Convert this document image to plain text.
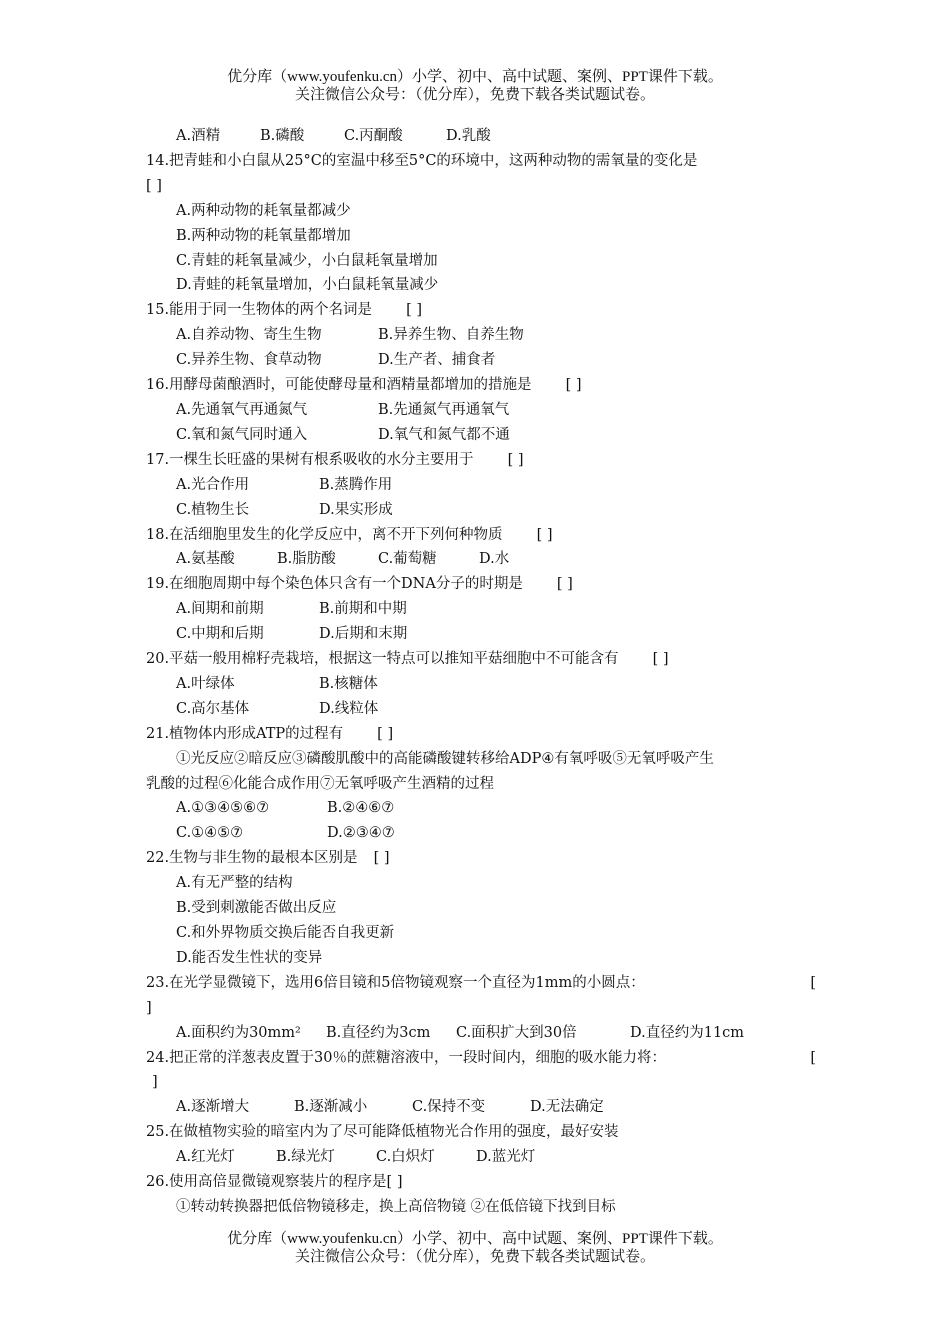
优分库（www.youfenku.cn）小学、初中、高中试题、案例、PPT课件下载。
关注微信公众号：（优分库），免费下载各类试题试卷。
A.酒精	B.磷酸	C.丙酮酸	D.乳酸
14.把青蛙和小白鼠从25°C的室温中移至5°C的环境中，这两种动物的需氧量的变化是
[ ]
A.两种动物的耗氧量都减少
B.两种动物的耗氧量都增加
C.青蛙的耗氧量减少，小白鼠耗氧量增加
D.青蛙的耗氧量增加，小白鼠耗氧量减少
15.能用于同一生物体的两个名词是 [ ]
A.自养动物、寄生生物	B.异养生物、自养生物
C.异养生物、食草动物	D.生产者、捕食者
16.用酵母菌酿酒时，可能使酵母量和酒精量都增加的措施是 [ ]
A.先通氧气再通氮气	B.先通氮气再通氧气
C.氧和氮气同时通入	D.氧气和氮气都不通
17.一棵生长旺盛的果树有根系吸收的水分主要用于 [ ]
A.光合作用	B.蒸腾作用
C.植物生长	D.果实形成
18.在活细胞里发生的化学反应中，离不开下列何种物质 [ ]
A.氨基酸	B.脂肪酸	C.葡萄糖	D.水
19.在细胞周期中每个染色体只含有一个DNA分子的时期是 [ ]
A.间期和前期	B.前期和中期
C.中期和后期	D.后期和末期
20.平菇一般用棉籽壳栽培，根据这一特点可以推知平菇细胞中不可能含有 [ ]
A.叶绿体	B.核糖体
C.高尔基体	D.线粒体
21.植物体内形成ATP的过程有 [ ]
①光反应②暗反应③磷酸肌酸中的高能磷酸键转移给ADP④有氧呼吸⑤无氧呼吸产生
乳酸的过程⑥化能合成作用⑦无氧呼吸产生酒精的过程
A.①③④⑤⑥⑦	B.②④⑥⑦
C.①④⑤⑦	D.②③④⑦
22.生物与非生物的最根本区别是 [ ]
A.有无严整的结构
B.受到刺激能否做出反应
C.和外界物质交换后能否自我更新
D.能否发生性状的变异
23.在光学显微镜下，选用6倍目镜和5倍物镜观察一个直径为1mm的小圆点：	[
]
A.面积约为30mm² B.直径约为3cm C.面积扩大到30倍	D.直径约为11cm
24.把正常的洋葱表皮置于30％的蔗糖溶液中，一段时间内，细胞的吸水能力将：	[
]
A.逐渐增大	B.逐渐减小	C.保持不变	D.无法确定
25.在做植物实验的暗室内为了尽可能降低植物光合作用的强度，最好安装
A.红光灯	B.绿光灯	C.白炽灯	D.蓝光灯
26.使用高倍显微镜观察装片的程序是[ ]
①转动转换器把低倍物镜移走，换上高倍物镜 ②在低倍镜下找到目标
优分库（www.youfenku.cn）小学、初中、高中试题、案例、PPT课件下载。
关注微信公众号：（优分库），免费下载各类试题试卷。
